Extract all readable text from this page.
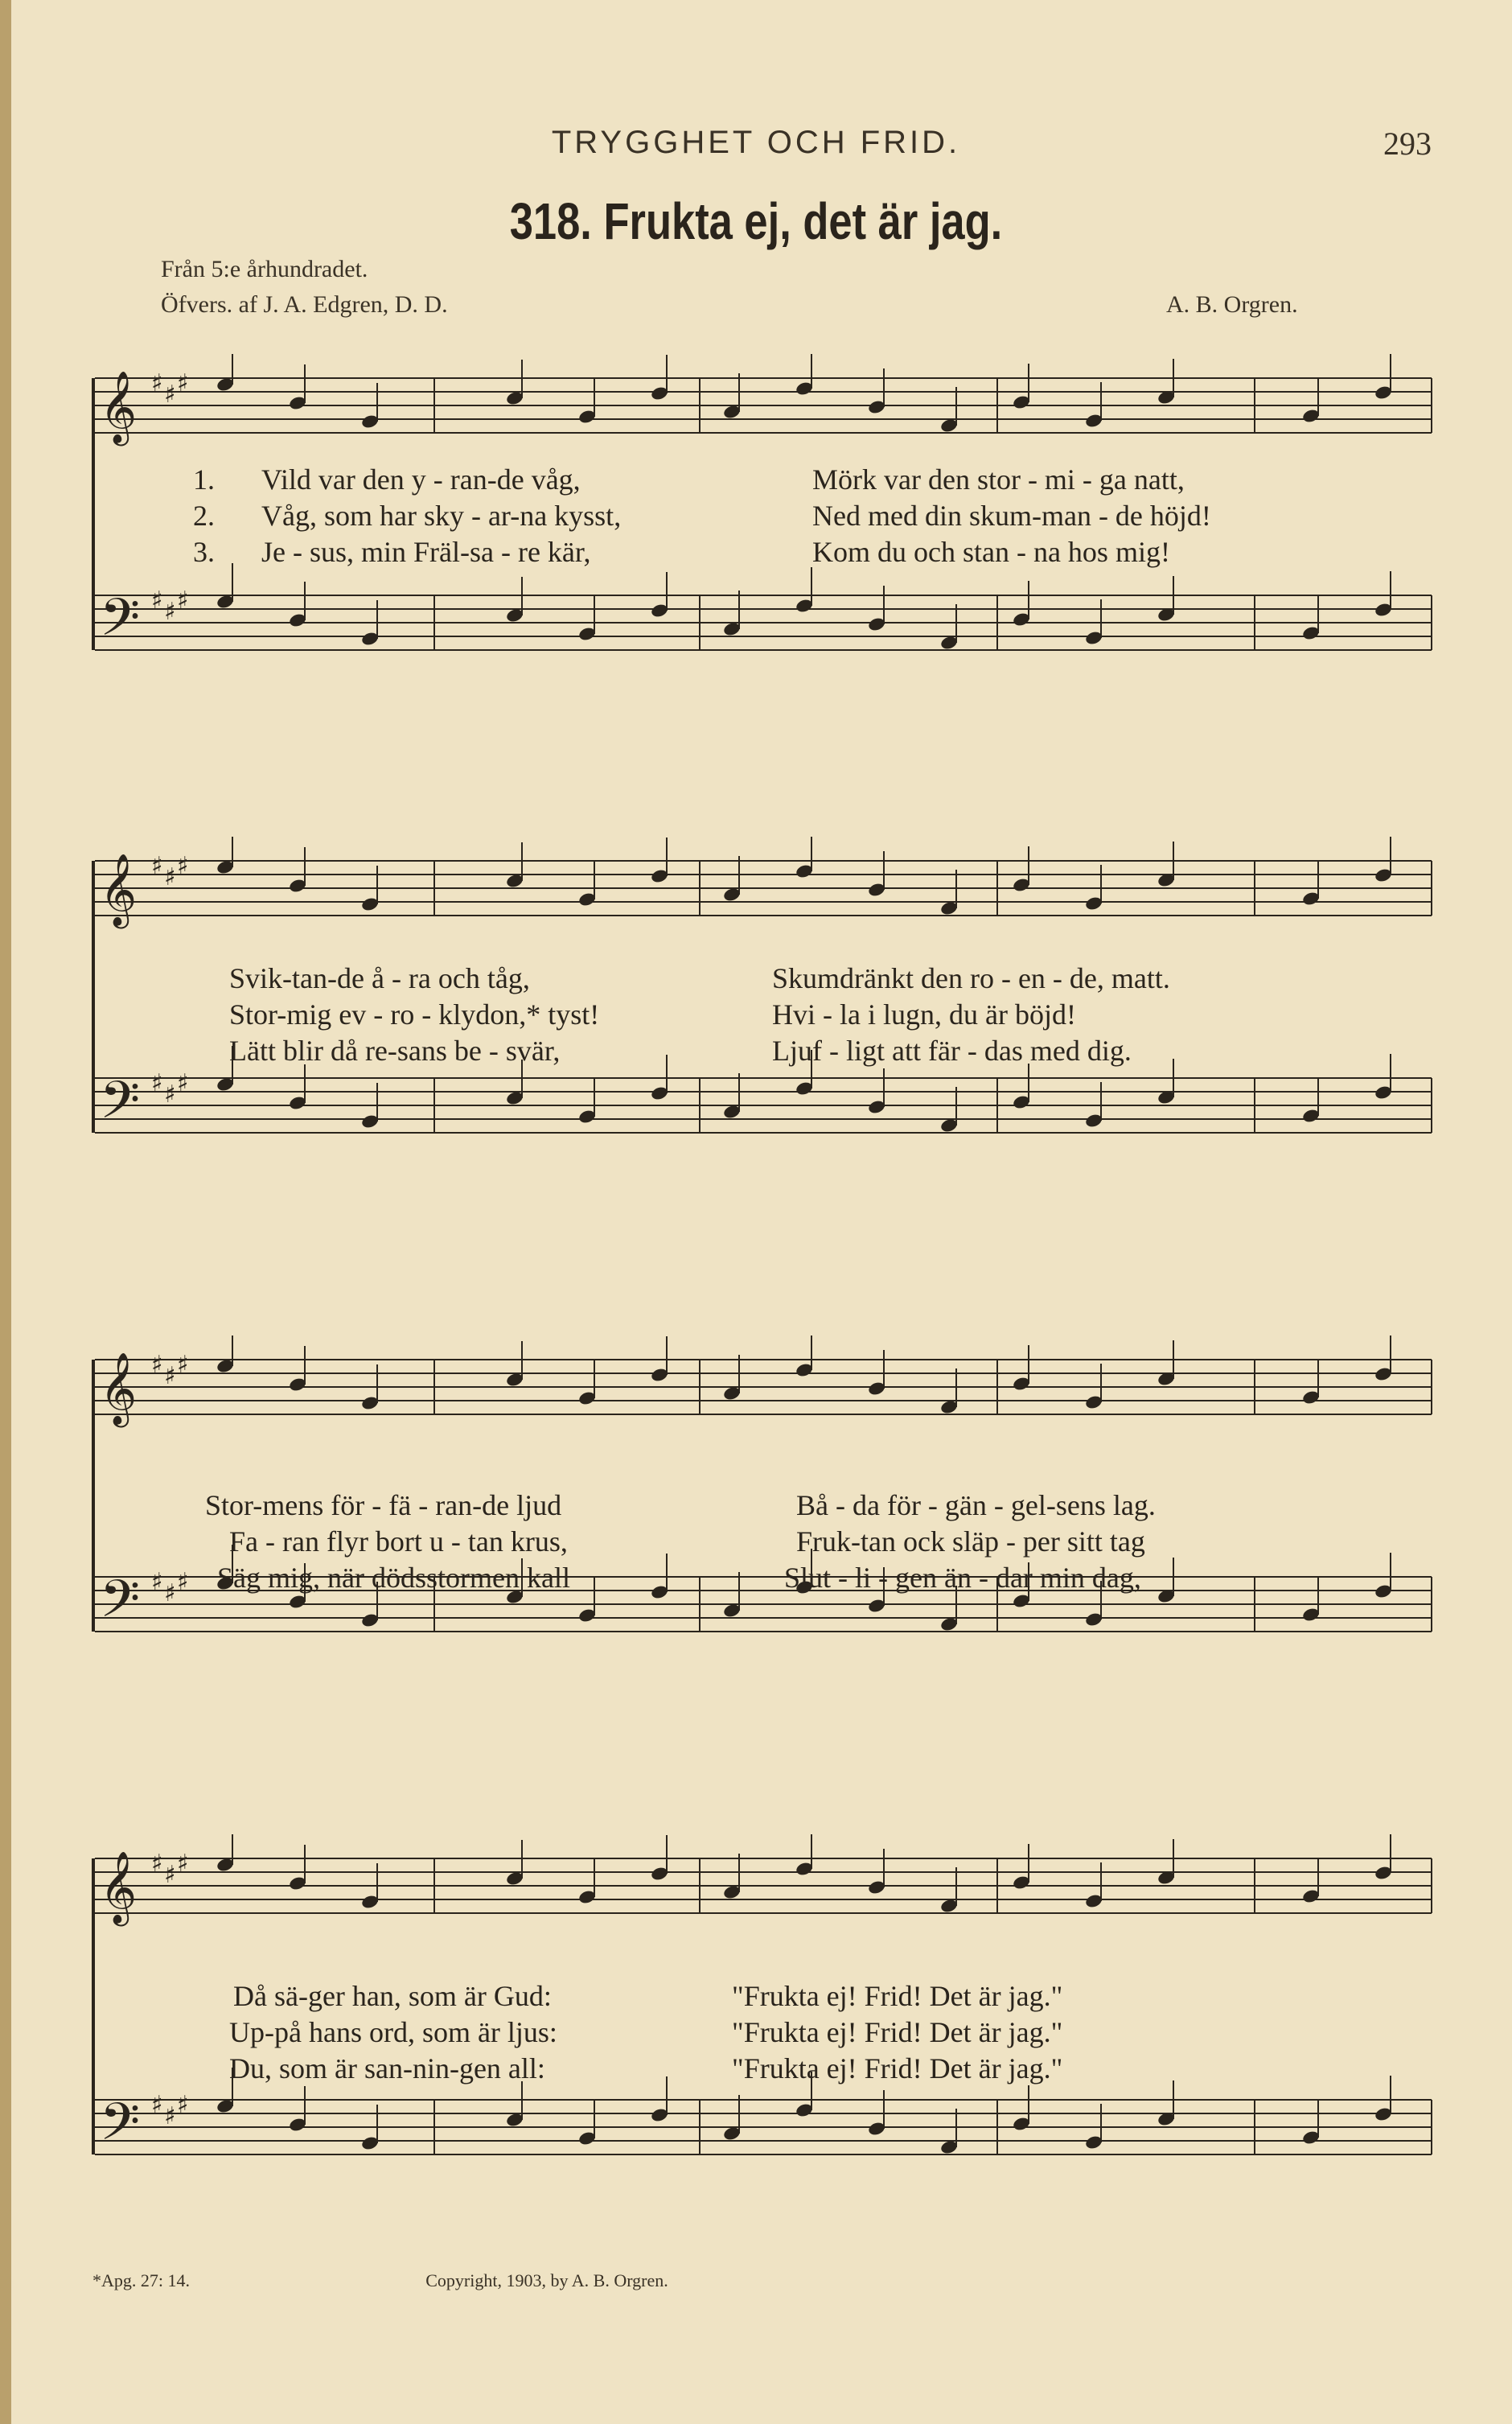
TRYGGHET OCH FRID.	293
318. Frukta ej, det är jag.
Från 5:e århundradet.
Öfvers. af J. A. Edgren, D. D.	A. B. Orgren.
𝄞 ♯ ♯ ♯
𝄢 ♯ ♯ ♯
1. Vild var den y - ran-de våg,	Mörk var den stor - mi - ga natt,
2. Våg, som har sky - ar-na kysst,	Ned med din skum-man - de höjd!
3. Je - sus, min Fräl-sa - re kär,	Kom du och stan - na hos mig!
𝄞 ♯ ♯ ♯
𝄢 ♯ ♯ ♯
Svik-tan-de å - ra och tåg,	Skumdränkt den ro - en - de, matt.
Stor-mig ev - ro - klydon,* tyst!	Hvi - la i lugn, du är böjd!
Lätt blir då re-sans be - svär,	Ljuf - ligt att fär - das med dig.
𝄞 ♯ ♯ ♯
𝄢 ♯ ♯ ♯
Stor-mens för - fä - ran-de ljud	Bå - da för - gän - gel-sens lag.
Fa - ran flyr bort u - tan krus,	Fruk-tan ock släp - per sitt tag
Säg mig, när dödsstormen kall	Slut - li - gen än - dar min dag,
𝄞 ♯ ♯ ♯
𝄢 ♯ ♯ ♯
Då sä-ger han, som är Gud:	"Frukta ej! Frid! Det är jag."
Up-på hans ord, som är ljus:	"Frukta ej! Frid! Det är jag."
Du, som är san-nin-gen all:	"Frukta ej! Frid! Det är jag."
*Apg. 27: 14.	Copyright, 1903, by A. B. Orgren.
